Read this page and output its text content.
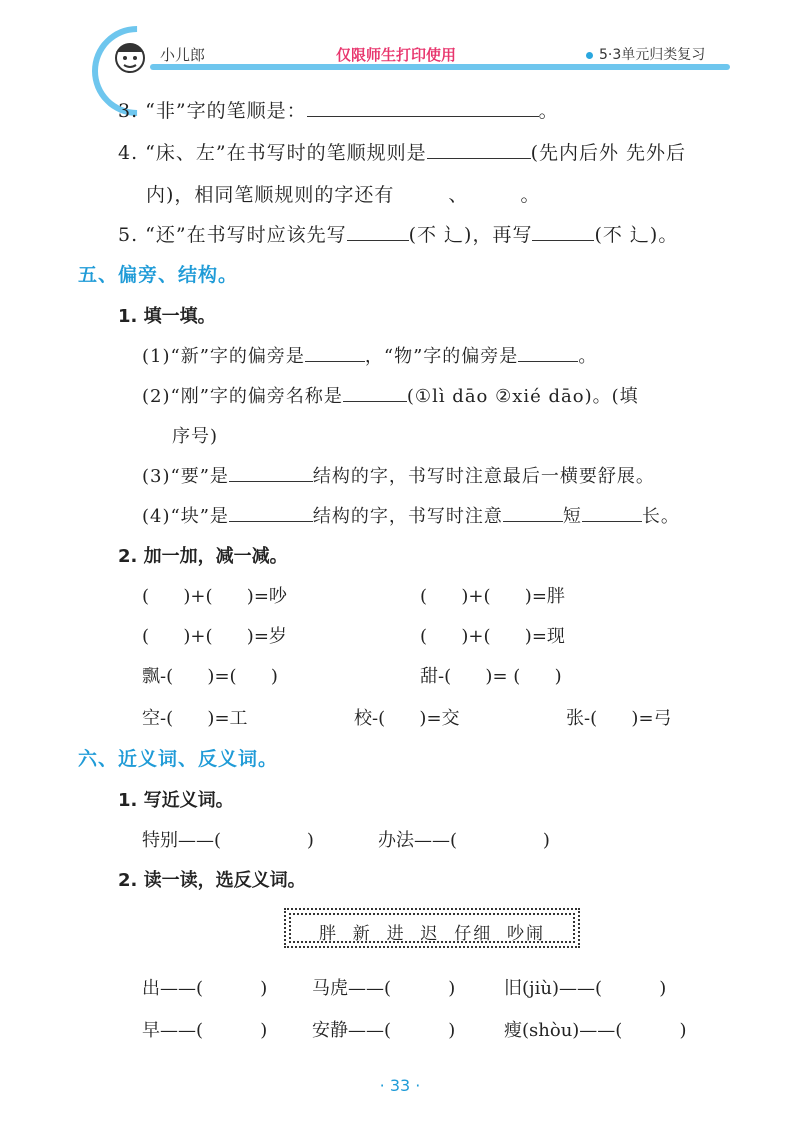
小儿郎	仅限师生打印使用	5·3单元归类复习
3. “非”字的笔顺是：	。
4. “床、左”在书写时的笔顺规则是	(先内后外 先外后
内)，相同笔顺规则的字还有	、	。
5. “还”在书写时应该先写	(不 辶)，再写	(不 辶)。
五、偏旁、结构。
1. 填一填。
(1)“新”字的偏旁是	，“物”字的偏旁是	。
(2)“刚”字的偏旁名称是	(①lì dāo ②xié dāo)。(填
序号)
(3)“要”是	结构的字，书写时注意最后一横要舒展。
(4)“块”是	结构的字，书写时注意	短	长。
2. 加一加，减一减。
(      )+(      )=吵	(      )+(      )=胖
(      )+(      )=岁	(      )+(      )=现
飘-(      )=(      )	甜-(      )= (      )
空-(      )=工	校-(      )=交	张-(      )=弓
六、近义词、反义词。
1. 写近义词。
特别——(               )	办法——(               )
2. 读一读，选反义词。
胖  新  进  迟  仔细  吵闹
出——(          ) 马虎——(          )	旧(jiù)——(          )
早——(          ) 安静——(          )	瘦(shòu)——(          )
· 33 ·
